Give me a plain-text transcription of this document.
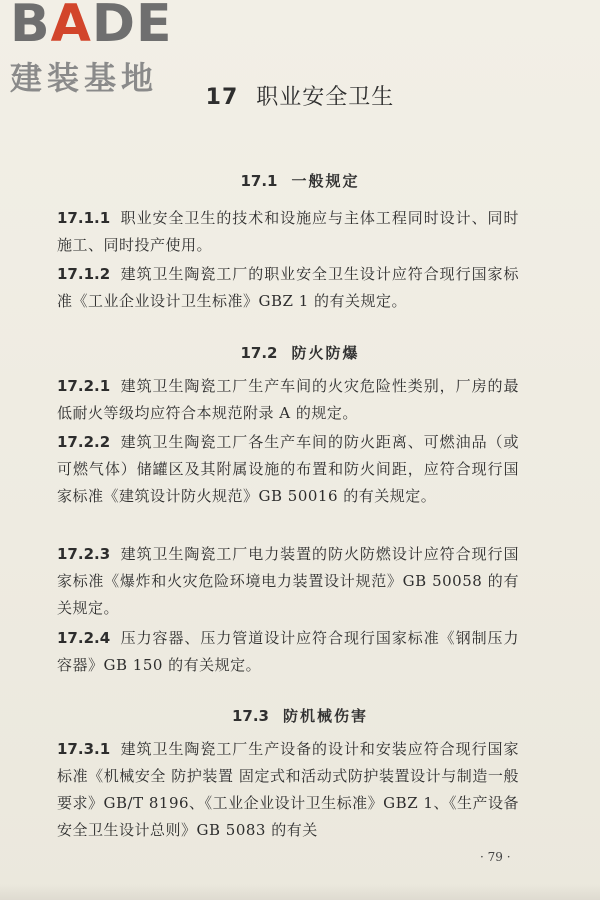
BADE
建装基地
17 职业安全卫生
17.1 一般规定
17.1.1 职业安全卫生的技术和设施应与主体工程同时设计、同时施工、同时投产使用。
17.1.2 建筑卫生陶瓷工厂的职业安全卫生设计应符合现行国家标准《工业企业设计卫生标准》GBZ 1 的有关规定。
17.2 防火防爆
17.2.1 建筑卫生陶瓷工厂生产车间的火灾危险性类别，厂房的最低耐火等级均应符合本规范附录 A 的规定。
17.2.2 建筑卫生陶瓷工厂各生产车间的防火距离、可燃油品（或可燃气体）储罐区及其附属设施的布置和防火间距，应符合现行国家标准《建筑设计防火规范》GB 50016 的有关规定。
17.2.3 建筑卫生陶瓷工厂电力装置的防火防燃设计应符合现行国家标准《爆炸和火灾危险环境电力装置设计规范》GB 50058 的有关规定。
17.2.4 压力容器、压力管道设计应符合现行国家标准《钢制压力容器》GB 150 的有关规定。
17.3 防机械伤害
17.3.1 建筑卫生陶瓷工厂生产设备的设计和安装应符合现行国家标准《机械安全 防护装置 固定式和活动式防护装置设计与制造一般要求》GB/T 8196、《工业企业设计卫生标准》GBZ 1、《生产设备安全卫生设计总则》GB 5083 的有关
· 79 ·
